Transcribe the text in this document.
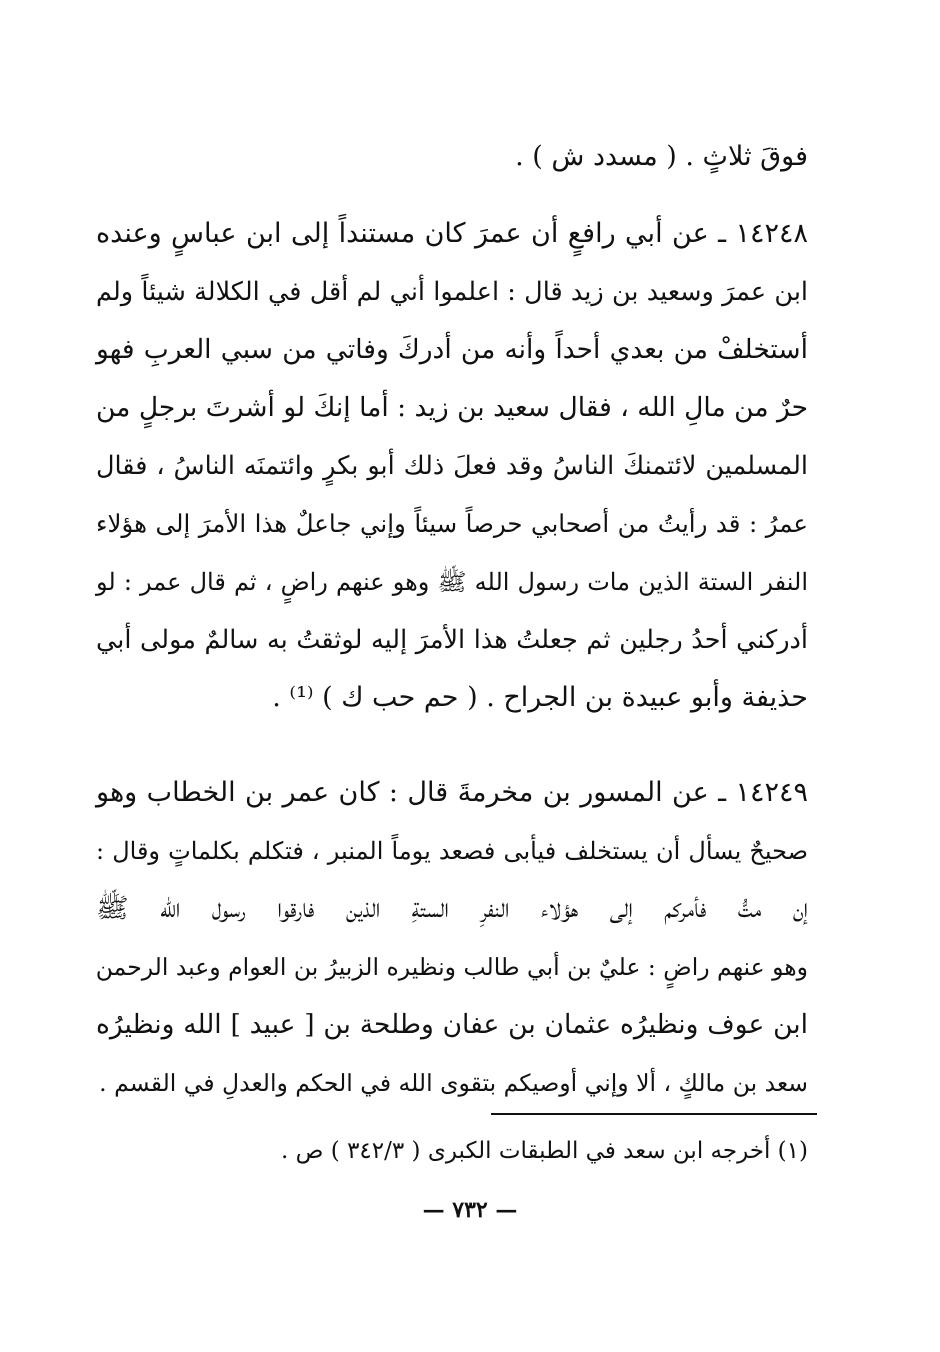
فوقَ ثلاثٍ . ( مسدد ش ) .
١٤٢٤٨ ـ عن أبي رافعٍ أن عمرَ كان مستنداً إلى ابن عباسٍ وعنده
ابن عمرَ وسعيد بن زيد قال : اعلموا أني لم أقل في الكلالة شيئاً ولم
أستخلفْ من بعدي أحداً وأنه من أدركَ وفاتي من سبي العربِ فهو
حرٌ من مالِ الله ، فقال سعيد بن زيد : أما إنكَ لو أشرتَ برجلٍ من
المسلمين لائتمنكَ الناسُ وقد فعلَ ذلك أبو بكرٍ وائتمنَه الناسُ ، فقال
عمرُ : قد رأيتُ من أصحابي حرصاً سيئاً وإني جاعلٌ هذا الأمرَ إلى هؤلاء
النفر الستة الذين مات رسول الله ﷺ وهو عنهم راضٍ ، ثم قال عمر : لو
أدركني أحدُ رجلين ثم جعلتُ هذا الأمرَ إليه لوثقتُ به سالمٌ مولى أبي
حذيفة وأبو عبيدة بن الجراح . ( حم حب ك ) ⁽¹⁾ .
١٤٢٤٩ ـ عن المسور بن مخرمةَ قال : كان عمر بن الخطاب وهو
صحيحٌ يسأل أن يستخلف فيأبى فصعد يوماً المنبر ، فتكلم بكلماتٍ وقال :
إن متُّ فأمركم إلى هؤلاء النفرِ الستةِ الذين فارقوا رسول الله ﷺ
وهو عنهم راضٍ : عليٌ بن أبي طالب ونظيره الزبيرُ بن العوام وعبد الرحمن
ابن عوف ونظيرُه عثمان بن عفان وطلحة بن [ عبيد ] الله ونظيرُه
سعد بن مالكٍ ، ألا وإني أوصيكم بتقوى الله في الحكم والعدلِ في القسم .
(١) أخرجه ابن سعد في الطبقات الكبرى ( ٣٤٢/٣ ) ص .
— ٧٣٢ —
